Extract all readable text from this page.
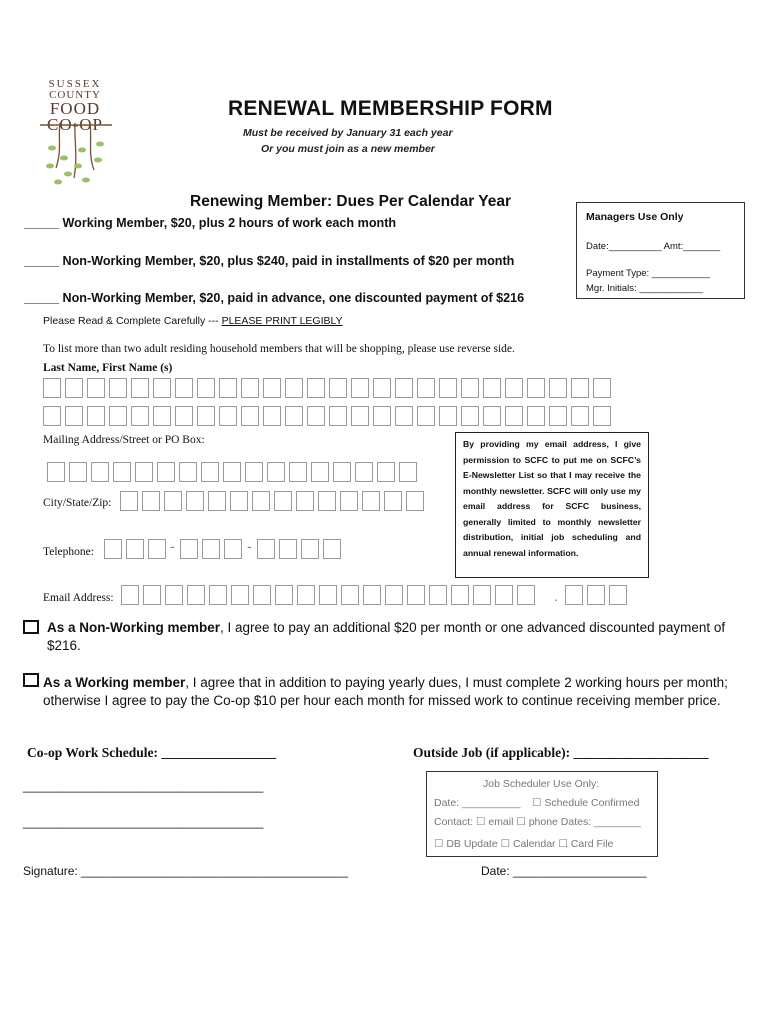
SUSSEX
COUNTY
FOOD
CO-OP
RENEWAL MEMBERSHIP FORM
Must be received by January 31 each year
Or you must join as a new member
Renewing Member: Dues Per Calendar Year
_____ Working Member, $20, plus 2 hours of work each month
_____ Non-Working Member, $20, plus $240, paid in installments of $20 per month
_____ Non-Working Member, $20, paid in advance, one discounted payment of $216
Managers Use Only
Date:__________ Amt:_______
Payment Type: ___________
Mgr. Initials: ____________
Please Read & Complete Carefully --- PLEASE PRINT LEGIBLY
To list more than two adult residing household members that will be shopping, please use reverse side.
Last Name, First Name (s)
Mailing Address/Street or PO Box:
City/State/Zip:
Telephone:	-	-

By providing my email address, I give permission to SCFC to put me on SCFC’s E-Newsletter List so that I may receive the monthly newsletter. SCFC will only use my email address for SCFC business, generally limited to monthly newsletter distribution, initial job scheduling and annual renewal information.

Email Address:	.
As a Non-Working member, I agree to pay an additional $20 per month or one advanced discounted payment of
$216.
As a Working member, I agree that in addition to paying yearly dues, I must complete 2 working hours per month;
otherwise I agree to pay the Co-op $10 per hour each month for missed work to continue receiving member price.
Co-op Work Schedule: _________________	Outside Job (if applicable): ____________________
____________________________________
____________________________________
Job Scheduler Use Only:
Date: __________ ☐ Schedule Confirmed
Contact: ☐ email ☐ phone Dates: ________
☐ DB Update ☐ Calendar ☐ Card File
Signature: ________________________________________	Date: ____________________
